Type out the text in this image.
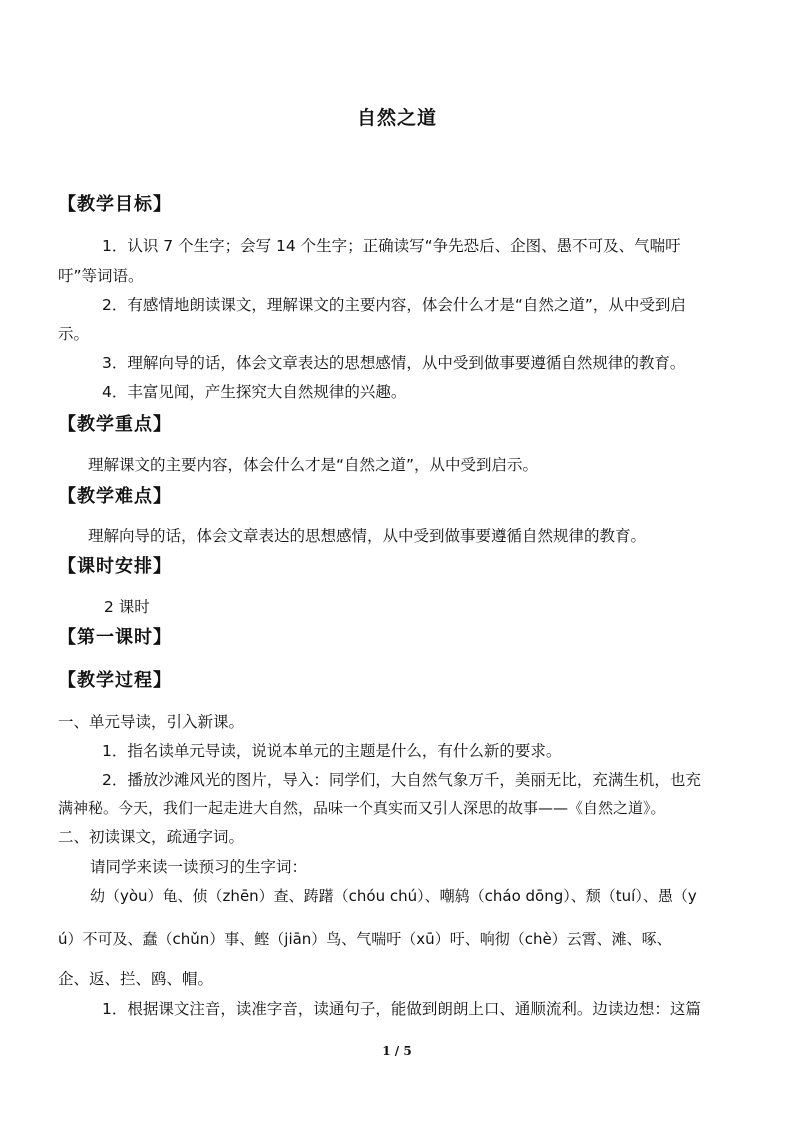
自然之道
【教学目标】
1．认识 7 个生字；会写 14 个生字；正确读写“争先恐后、企图、愚不可及、气喘吁
吁”等词语。
2．有感情地朗读课文，理解课文的主要内容，体会什么才是“自然之道”，从中受到启
示。
3．理解向导的话，体会文章表达的思想感情，从中受到做事要遵循自然规律的教育。
4．丰富见闻，产生探究大自然规律的兴趣。
【教学重点】
理解课文的主要内容，体会什么才是“自然之道”，从中受到启示。
【教学难点】
理解向导的话，体会文章表达的思想感情，从中受到做事要遵循自然规律的教育。
【课时安排】
2 课时
【第一课时】
【教学过程】
一、单元导读，引入新课。
1．指名读单元导读，说说本单元的主题是什么，有什么新的要求。
2．播放沙滩风光的图片，导入：同学们，大自然气象万千，美丽无比，充满生机，也充
满神秘。今天，我们一起走进大自然，品味一个真实而又引人深思的故事——《自然之道》。
二、初读课文，疏通字词。
请同学来读一读预习的生字词：
幼（yòu）龟、侦（zhēn）查、踌躇（chóu chú）、嘲鸫（cháo dōng）、颓（tuí）、愚（y
ú）不可及、蠢（chǔn）事、鲣（jiān）鸟、气喘吁（xū）吁、响彻（chè）云霄、滩、啄、
企、返、拦、鸥、帽。
1．根据课文注音，读准字音，读通句子，能做到朗朗上口、通顺流利。边读边想：这篇
1 / 5
